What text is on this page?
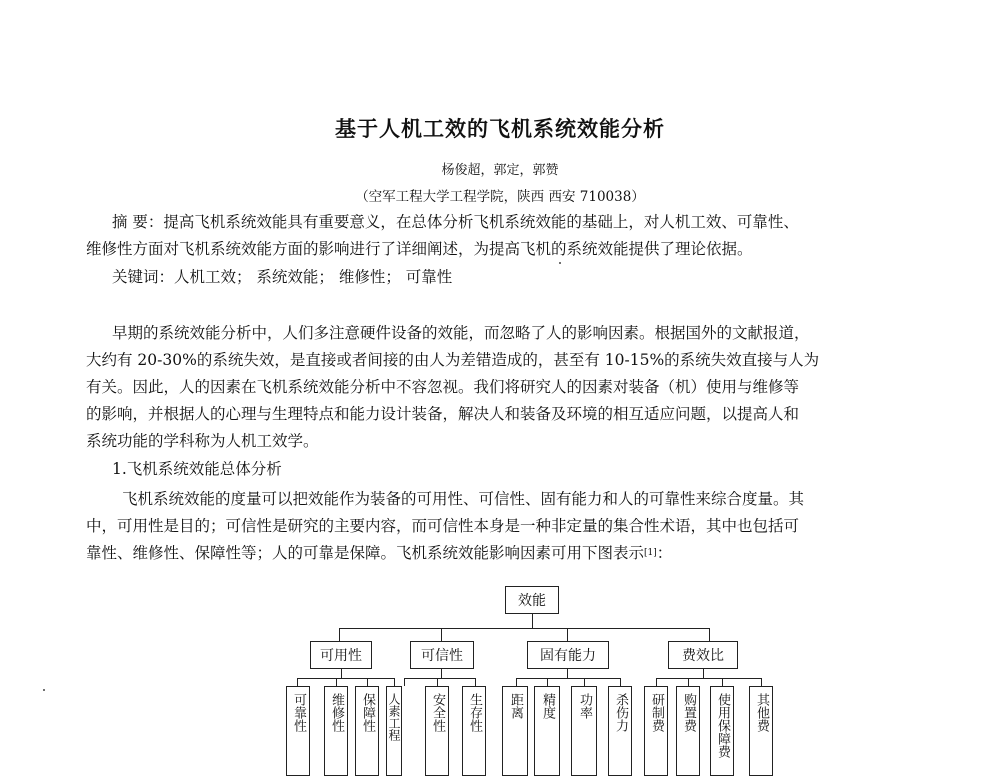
基于人机工效的飞机系统效能分析
杨俊超，郭定，郭赞
（空军工程大学工程学院，陕西 西安 710038）
摘 要：提高飞机系统效能具有重要意义，在总体分析飞机系统效能的基础上，对人机工效、可靠性、
维修性方面对飞机系统效能方面的影响进行了详细阐述，为提高飞机的系统效能提供了理论依据。
关键词：人机工效； 系统效能； 维修性； 可靠性
早期的系统效能分析中，人们多注意硬件设备的效能，而忽略了人的影响因素。根据国外的文献报道，
大约有 20-30%的系统失效，是直接或者间接的由人为差错造成的，甚至有 10-15%的系统失效直接与人为
有关。因此，人的因素在飞机系统效能分析中不容忽视。我们将研究人的因素对装备（机）使用与维修等
的影响，并根据人的心理与生理特点和能力设计装备，解决人和装备及环境的相互适应问题，以提高人和
系统功能的学科称为人机工效学。
1.飞机系统效能总体分析
飞机系统效能的度量可以把效能作为装备的可用性、可信性、固有能力和人的可靠性来综合度量。其
中，可用性是目的；可信性是研究的主要内容，而可信性本身是一种非定量的集合性术语，其中也包括可
靠性、维修性、保障性等；人的可靠是保障。飞机系统效能影响因素可用下图表示[1]：
效能
可用性	可信性	固有能力	费效比
可靠性	维修性	保障性	人素工程	安全性	生存性	距离	精度	功率	杀伤力	研制费	购置费	使用保障费	其他费
